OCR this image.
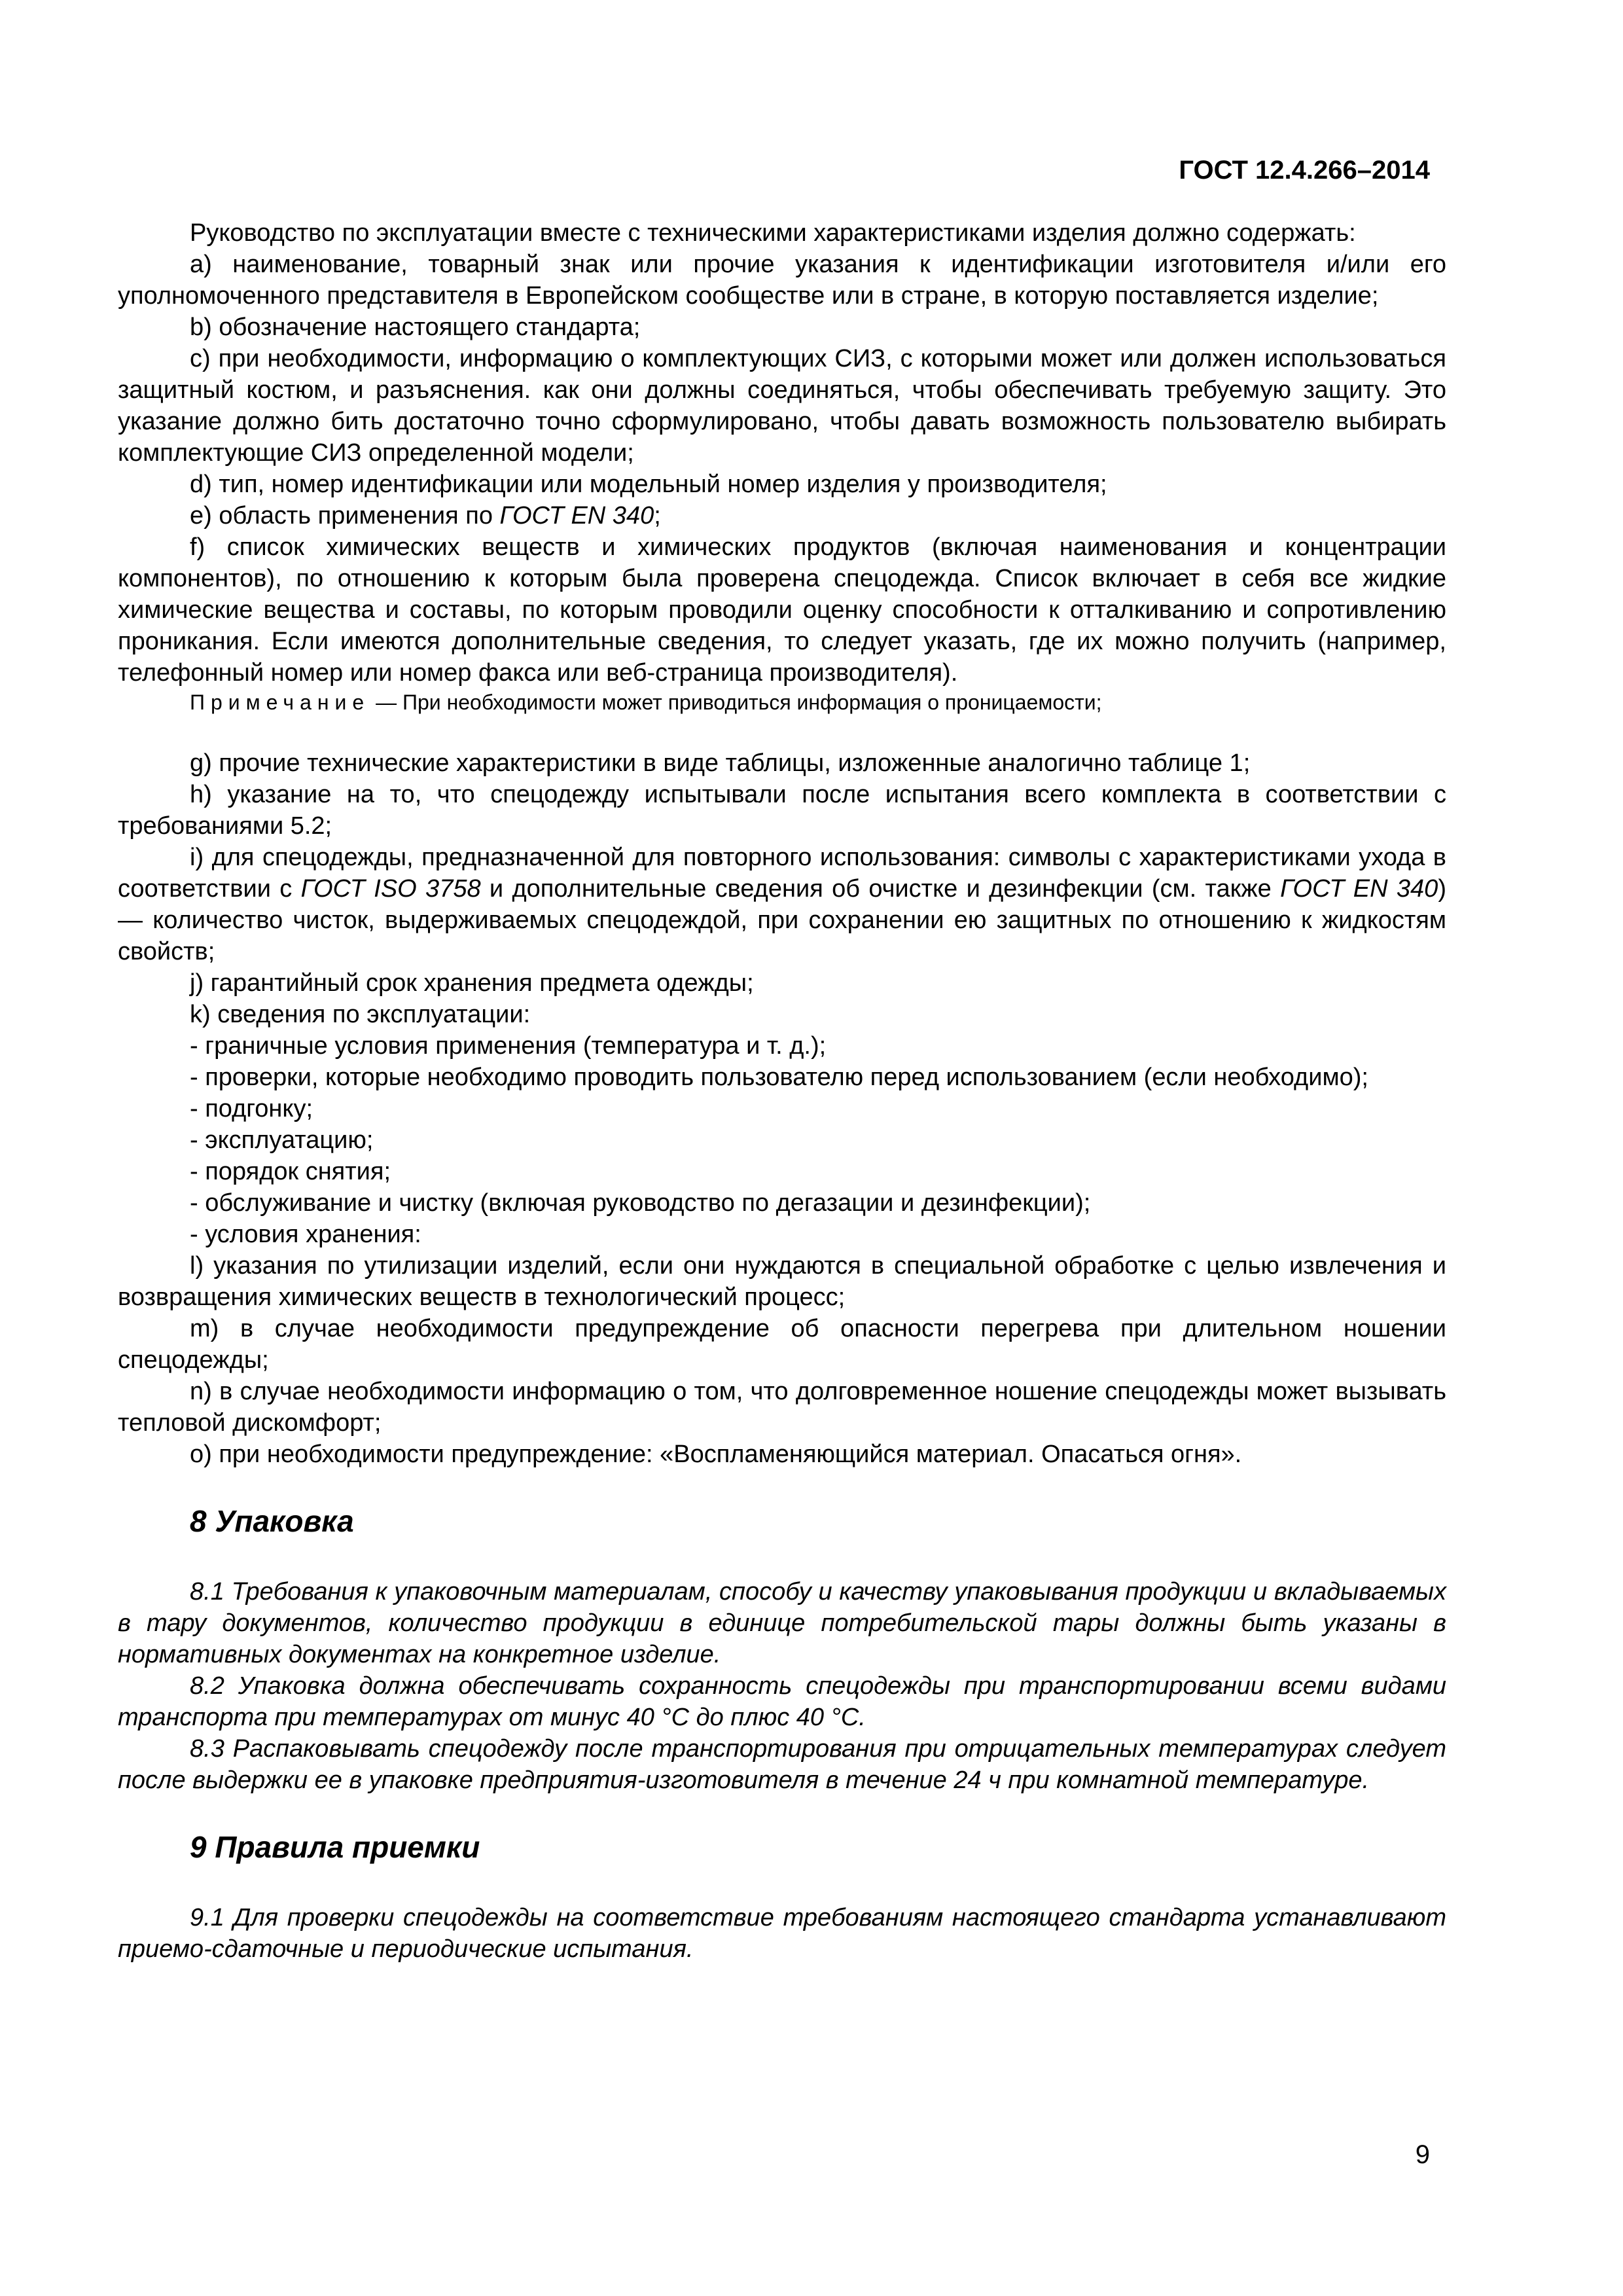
ГОСТ 12.4.266–2014

Руководство по эксплуатации вместе с техническими характеристиками изделия должно содержать:

а) наименование, товарный знак или прочие указания к идентификации изготовителя и/или его уполномоченного представителя в Европейском сообществе или в стране, в которую поставляется изделие;

b) обозначение настоящего стандарта;

c) при необходимости, информацию о комплектующих СИЗ, с которыми может или должен использоваться защитный костюм, и разъяснения. как они должны соединяться, чтобы обеспечивать требуемую защиту. Это указание должно бить достаточно точно сформулировано, чтобы давать возможность пользователю выбирать комплектующие СИЗ определенной модели;

d) тип, номер идентификации или модельный номер изделия у производителя;

e) область применения по ГОСТ EN 340;

f) список химических веществ и химических продуктов (включая наименования и концентрации компонентов), по отношению к которым была проверена спецодежда. Список включает в себя все жидкие химические вещества и составы, по которым проводили оценку способности к отталкиванию и сопротивлению проникания. Если имеются дополнительные сведения, то следует указать, где их можно получить (например, телефонный номер или номер факса или веб-страница производителя).

Примечание — При необходимости может приводиться информация о проницаемости;

g) прочие технические характеристики в виде таблицы, изложенные аналогично таблице 1;

h) указание на то, что спецодежду испытывали после испытания всего комплекта в соответствии с требованиями 5.2;

i) для спецодежды, предназначенной для повторного использования: символы с характеристиками ухода в соответствии с ГОСТ ISO 3758 и дополнительные сведения об очистке и дезинфекции (см. также ГОСТ EN 340) — количество чисток, выдерживаемых спецодеждой, при сохранении ею защитных по отношению к жидкостям свойств;

j) гарантийный срок хранения предмета одежды;

k) сведения по эксплуатации:

- граничные условия применения (температура и т. д.);

- проверки, которые необходимо проводить пользователю перед использованием (если необходимо);

- подгонку;

- эксплуатацию;

- порядок снятия;

- обслуживание и чистку (включая руководство по дегазации и дезинфекции);

- условия хранения:

l) указания по утилизации изделий, если они нуждаются в специальной обработке с целью извлечения и возвращения химических веществ в технологический процесс;

m) в случае необходимости предупреждение об опасности перегрева при длительном ношении спецодежды;

n) в случае необходимости информацию о том, что долговременное ношение спецодежды может вызывать тепловой дискомфорт;

o) при необходимости предупреждение: «Воспламеняющийся материал. Опасаться огня».

8 Упаковка

8.1 Требования к упаковочным материалам, способу и качеству упаковывания продукции и вкладываемых в тару документов, количество продукции в единице потребительской тары должны быть указаны в нормативных документах на конкретное изделие.

8.2 Упаковка должна обеспечивать сохранность спецодежды при транспортировании всеми видами транспорта при температурах от минус 40 °С до плюс 40 °С.

8.3 Распаковывать спецодежду после транспортирования при отрицательных температурах следует после выдержки ее в упаковке предприятия-изготовителя в течение 24 ч при комнатной температуре.

9 Правила приемки

9.1 Для проверки спецодежды на соответствие требованиям настоящего стандарта устанавливают приемо-сдаточные и периодические испытания.

9
